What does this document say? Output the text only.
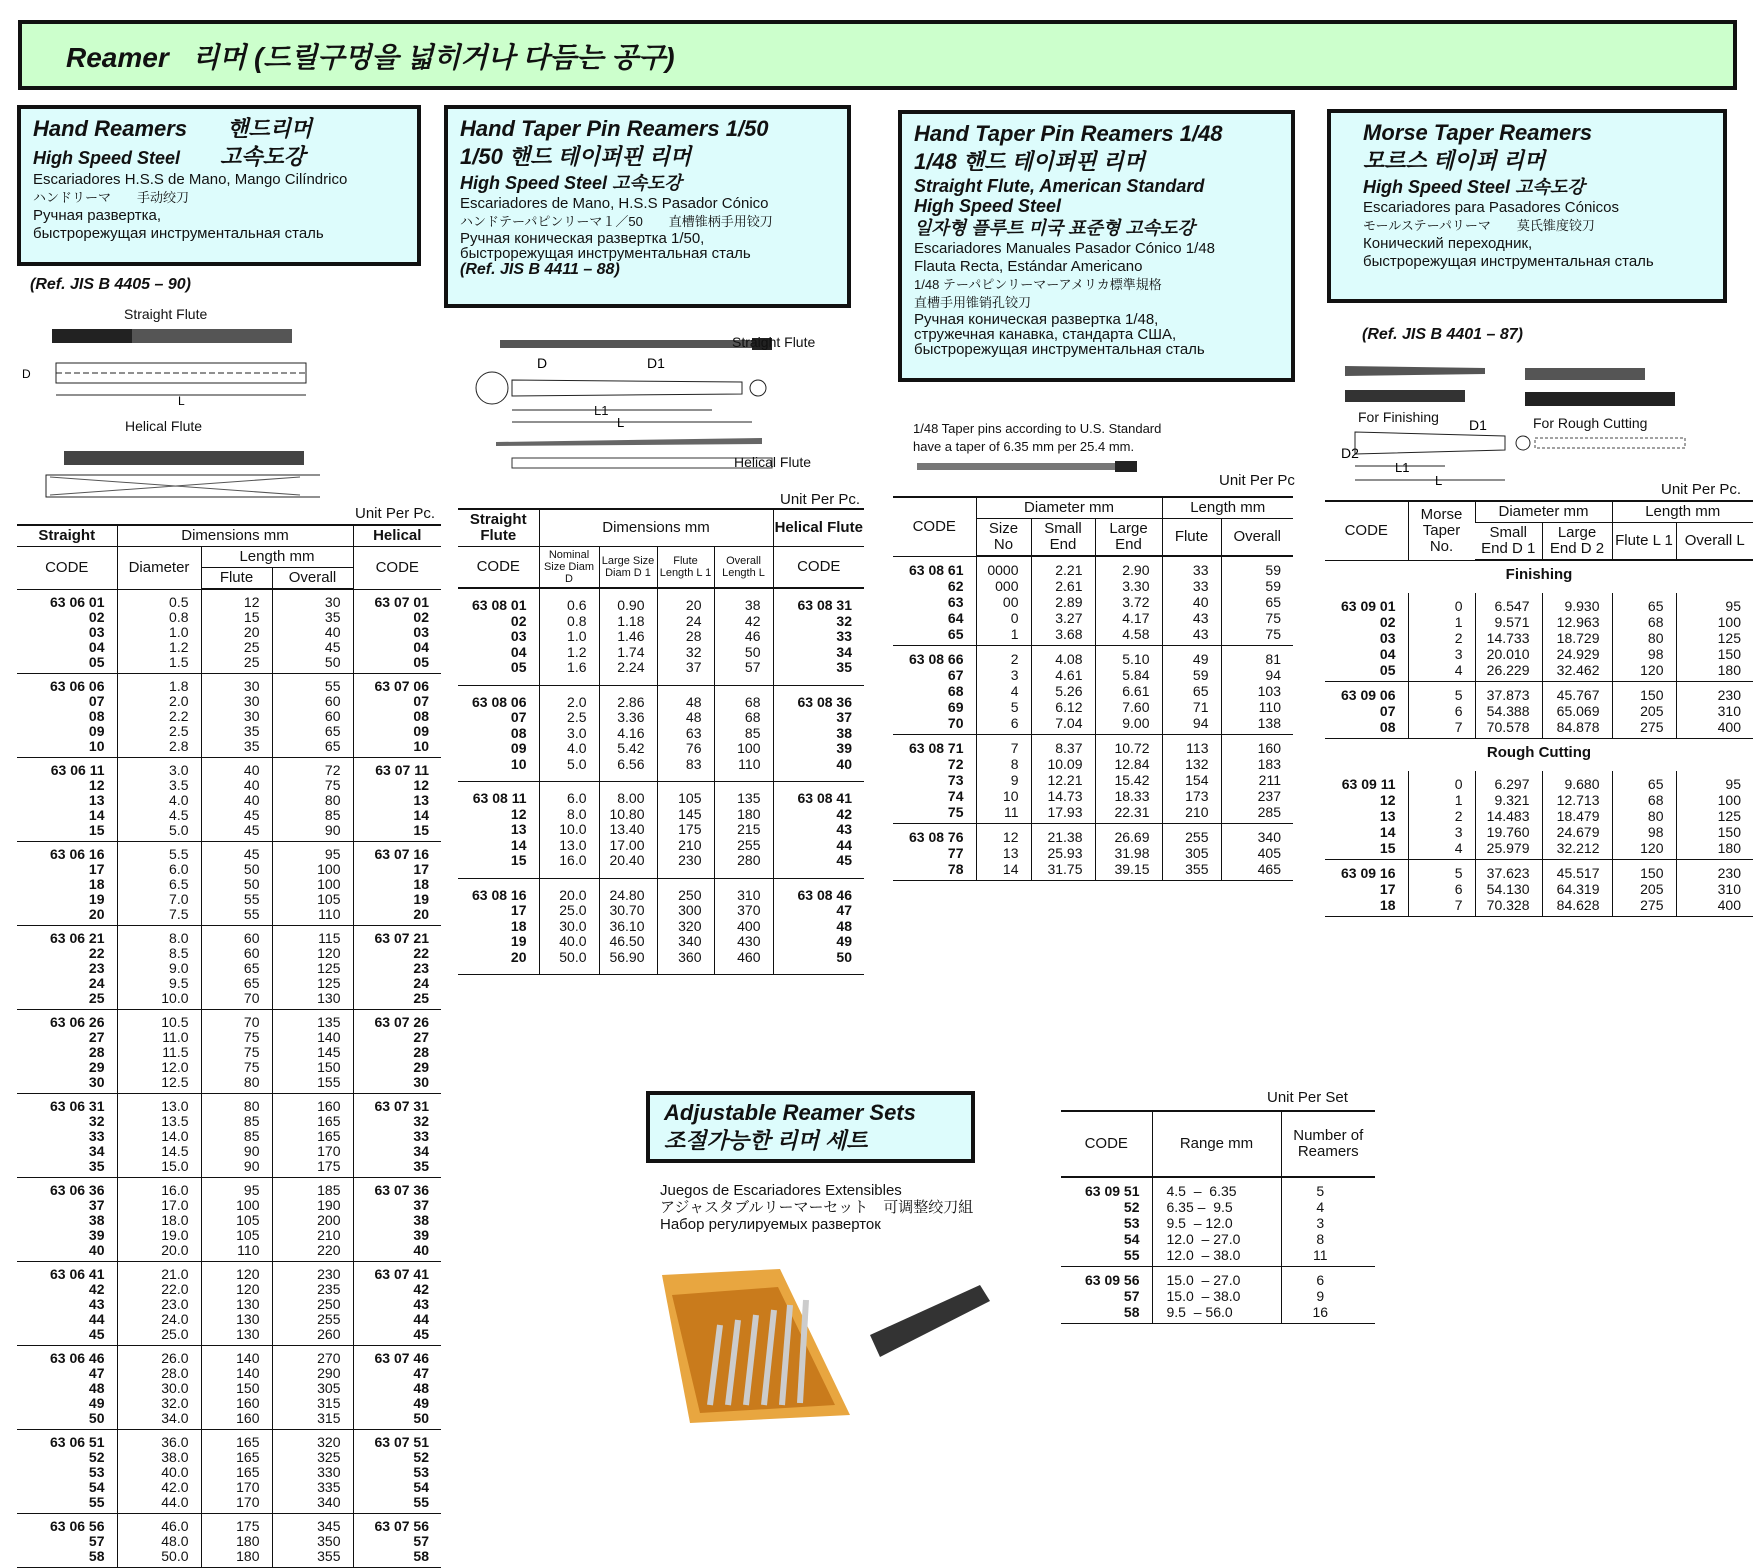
Reamer 리머 (드릴구멍을 넓히거나 다듬는 공구)
Hand Reamers 핸드리머
High Speed Steel 고속도강
Escariadores H.S.S de Mano, Mango Cilíndrico
ハンドリーマ　　手动绞刀
Ручная развертка,
быстрорежущая инструментальная сталь
(Ref. JIS B 4405 – 90)
Straight Flute
D
L
Helical Flute
Unit Per Pc.
Straight	Dimensions mm			Helical
CODE	Diameter	Length mm		CODE
		Flute	Overall	
63 06 01	0.5	12	30	63 07 01
02	0.8	15	35	02
03	1.0	20	40	03
04	1.2	25	45	04
05	1.5	25	50	05
63 06 06	1.8	30	55	63 07 06
07	2.0	30	60	07
08	2.2	30	60	08
09	2.5	35	65	09
10	2.8	35	65	10
63 06 11	3.0	40	72	63 07 11
12	3.5	40	75	12
13	4.0	40	80	13
14	4.5	45	85	14
15	5.0	45	90	15
63 06 16	5.5	45	95	63 07 16
17	6.0	50	100	17
18	6.5	50	100	18
19	7.0	55	105	19
20	7.5	55	110	20
63 06 21	8.0	60	115	63 07 21
22	8.5	60	120	22
23	9.0	65	125	23
24	9.5	65	125	24
25	10.0	70	130	25
63 06 26	10.5	70	135	63 07 26
27	11.0	75	140	27
28	11.5	75	145	28
29	12.0	75	150	29
30	12.5	80	155	30
63 06 31	13.0	80	160	63 07 31
32	13.5	85	165	32
33	14.0	85	165	33
34	14.5	90	170	34
35	15.0	90	175	35
63 06 36	16.0	95	185	63 07 36
37	17.0	100	190	37
38	18.0	105	200	38
39	19.0	105	210	39
40	20.0	110	220	40
63 06 41	21.0	120	230	63 07 41
42	22.0	120	235	42
43	23.0	130	250	43
44	24.0	130	255	44
45	25.0	130	260	45
63 06 46	26.0	140	270	63 07 46
47	28.0	140	290	47
48	30.0	150	305	48
49	32.0	160	315	49
50	34.0	160	315	50
63 06 51	36.0	165	320	63 07 51
52	38.0	165	325	52
53	40.0	165	330	53
54	42.0	170	335	54
55	44.0	170	340	55
63 06 56	46.0	175	345	63 07 56
57	48.0	180	350	57
58	50.0	180	355	58
Hand Taper Pin Reamers 1/50
1/50 핸드 테이퍼핀 리머
High Speed Steel 고속도강
Escariadores de Mano, H.S.S Pasador Cónico
ハンドテーパピンリーマ１／50　　直槽锥柄手用铰刀
Ручная коническая развертка 1/50,
быстрорежущая инструментальная сталь
(Ref. JIS B 4411 – 88)
D	D1
L1
L
Straight Flute
Helical Flute
Unit Per Pc.
Straight Flute	Dimensions mm				Helical Flute
CODE	Nominal Size Diam D	Large Size Diam D 1	Flute Length L 1	Overall Length L	CODE
63 08 01	0.6	0.90	20	38	63 08 31
02	0.8	1.18	24	42	32
03	1.0	1.46	28	46	33
04	1.2	1.74	32	50	34
05	1.6	2.24	37	57	35
63 08 06	2.0	2.86	48	68	63 08 36
07	2.5	3.36	48	68	37
08	3.0	4.16	63	85	38
09	4.0	5.42	76	100	39
10	5.0	6.56	83	110	40
63 08 11	6.0	8.00	105	135	63 08 41
12	8.0	10.80	145	180	42
13	10.0	13.40	175	215	43
14	13.0	17.00	210	255	44
15	16.0	20.40	230	280	45
63 08 16	20.0	24.80	250	310	63 08 46
17	25.0	30.70	300	370	47
18	30.0	36.10	320	400	48
19	40.0	46.50	340	430	49
20	50.0	56.90	360	460	50
Hand Taper Pin Reamers 1/48
1/48 핸드 테이퍼핀 리머
Straight Flute, American Standard
High Speed Steel
일자형 플루트 미국 표준형 고속도강
Escariadores Manuales Pasador Cónico 1/48
Flauta Recta, Estándar Americano
1/48 テーパピンリーマーアメリカ標準規格
直槽手用锥销孔铰刀
Ручная коническая развертка 1/48,
стружечная канавка, стандарта США,
быстрорежущая инструментальная сталь
1/48 Taper pins according to U.S. Standard
have a taper of 6.35 mm per 25.4 mm.
Unit Per Pc
CODE	Diameter mm			Length mm	
	Size No	Small End	Large End	Flute	Overall
63 08 61	0000	2.21	2.90	33	59
62	000	2.61	3.30	33	59
63	00	2.89	3.72	40	65
64	0	3.27	4.17	43	75
65	1	3.68	4.58	43	75
63 08 66	2	4.08	5.10	49	81
67	3	4.61	5.84	59	94
68	4	5.26	6.61	65	103
69	5	6.12	7.60	71	110
70	6	7.04	9.00	94	138
63 08 71	7	8.37	10.72	113	160
72	8	10.09	12.84	132	183
73	9	12.21	15.42	154	211
74	10	14.73	18.33	173	237
75	11	17.93	22.31	210	285
63 08 76	12	21.38	26.69	255	340
77	13	25.93	31.98	305	405
78	14	31.75	39.15	355	465
Morse Taper Reamers
모르스 테이퍼 리머
High Speed Steel 고속도강
Escariadores para Pasadores Cónicos
モールステーパリーマ　　莫氏锥度铰刀
Конический переходник,
быстрорежущая инструментальная сталь
(Ref. JIS B 4401 – 87)
D2
D1
L1
L
For Finishing	For Rough Cutting
Unit Per Pc.
CODE	Morse Taper No.	Diameter mm		Length mm	
		Small End D 1	Large End D 2	Flute L 1	Overall L
Finishing					
63 09 01	0	6.547	9.930	65	95
02	1	9.571	12.963	68	100
03	2	14.733	18.729	80	125
04	3	20.010	24.929	98	150
05	4	26.229	32.462	120	180
63 09 06	5	37.873	45.767	150	230
07	6	54.388	65.069	205	310
08	7	70.578	84.878	275	400
Rough Cutting					
63 09 11	0	6.297	9.680	65	95
12	1	9.321	12.713	68	100
13	2	14.483	18.479	80	125
14	3	19.760	24.679	98	150
15	4	25.979	32.212	120	180
63 09 16	5	37.623	45.517	150	230
17	6	54.130	64.319	205	310
18	7	70.328	84.628	275	400
Adjustable Reamer Sets
조절가능한 리머 세트
Juegos de Escariadores Extensibles
アジャスタブルリーマーセット　可调整绞刀組
Набор регулируемых разверток
Unit Per Set
CODE	Range mm	Number of Reamers
63 09 51	4.5  –  6.35	5
52	6.35 –  9.5	4
53	9.5  – 12.0	3
54	12.0  – 27.0	8
55	12.0  – 38.0	11
63 09 56	15.0  – 27.0	6
57	15.0  – 38.0	9
58	9.5  – 56.0	16
